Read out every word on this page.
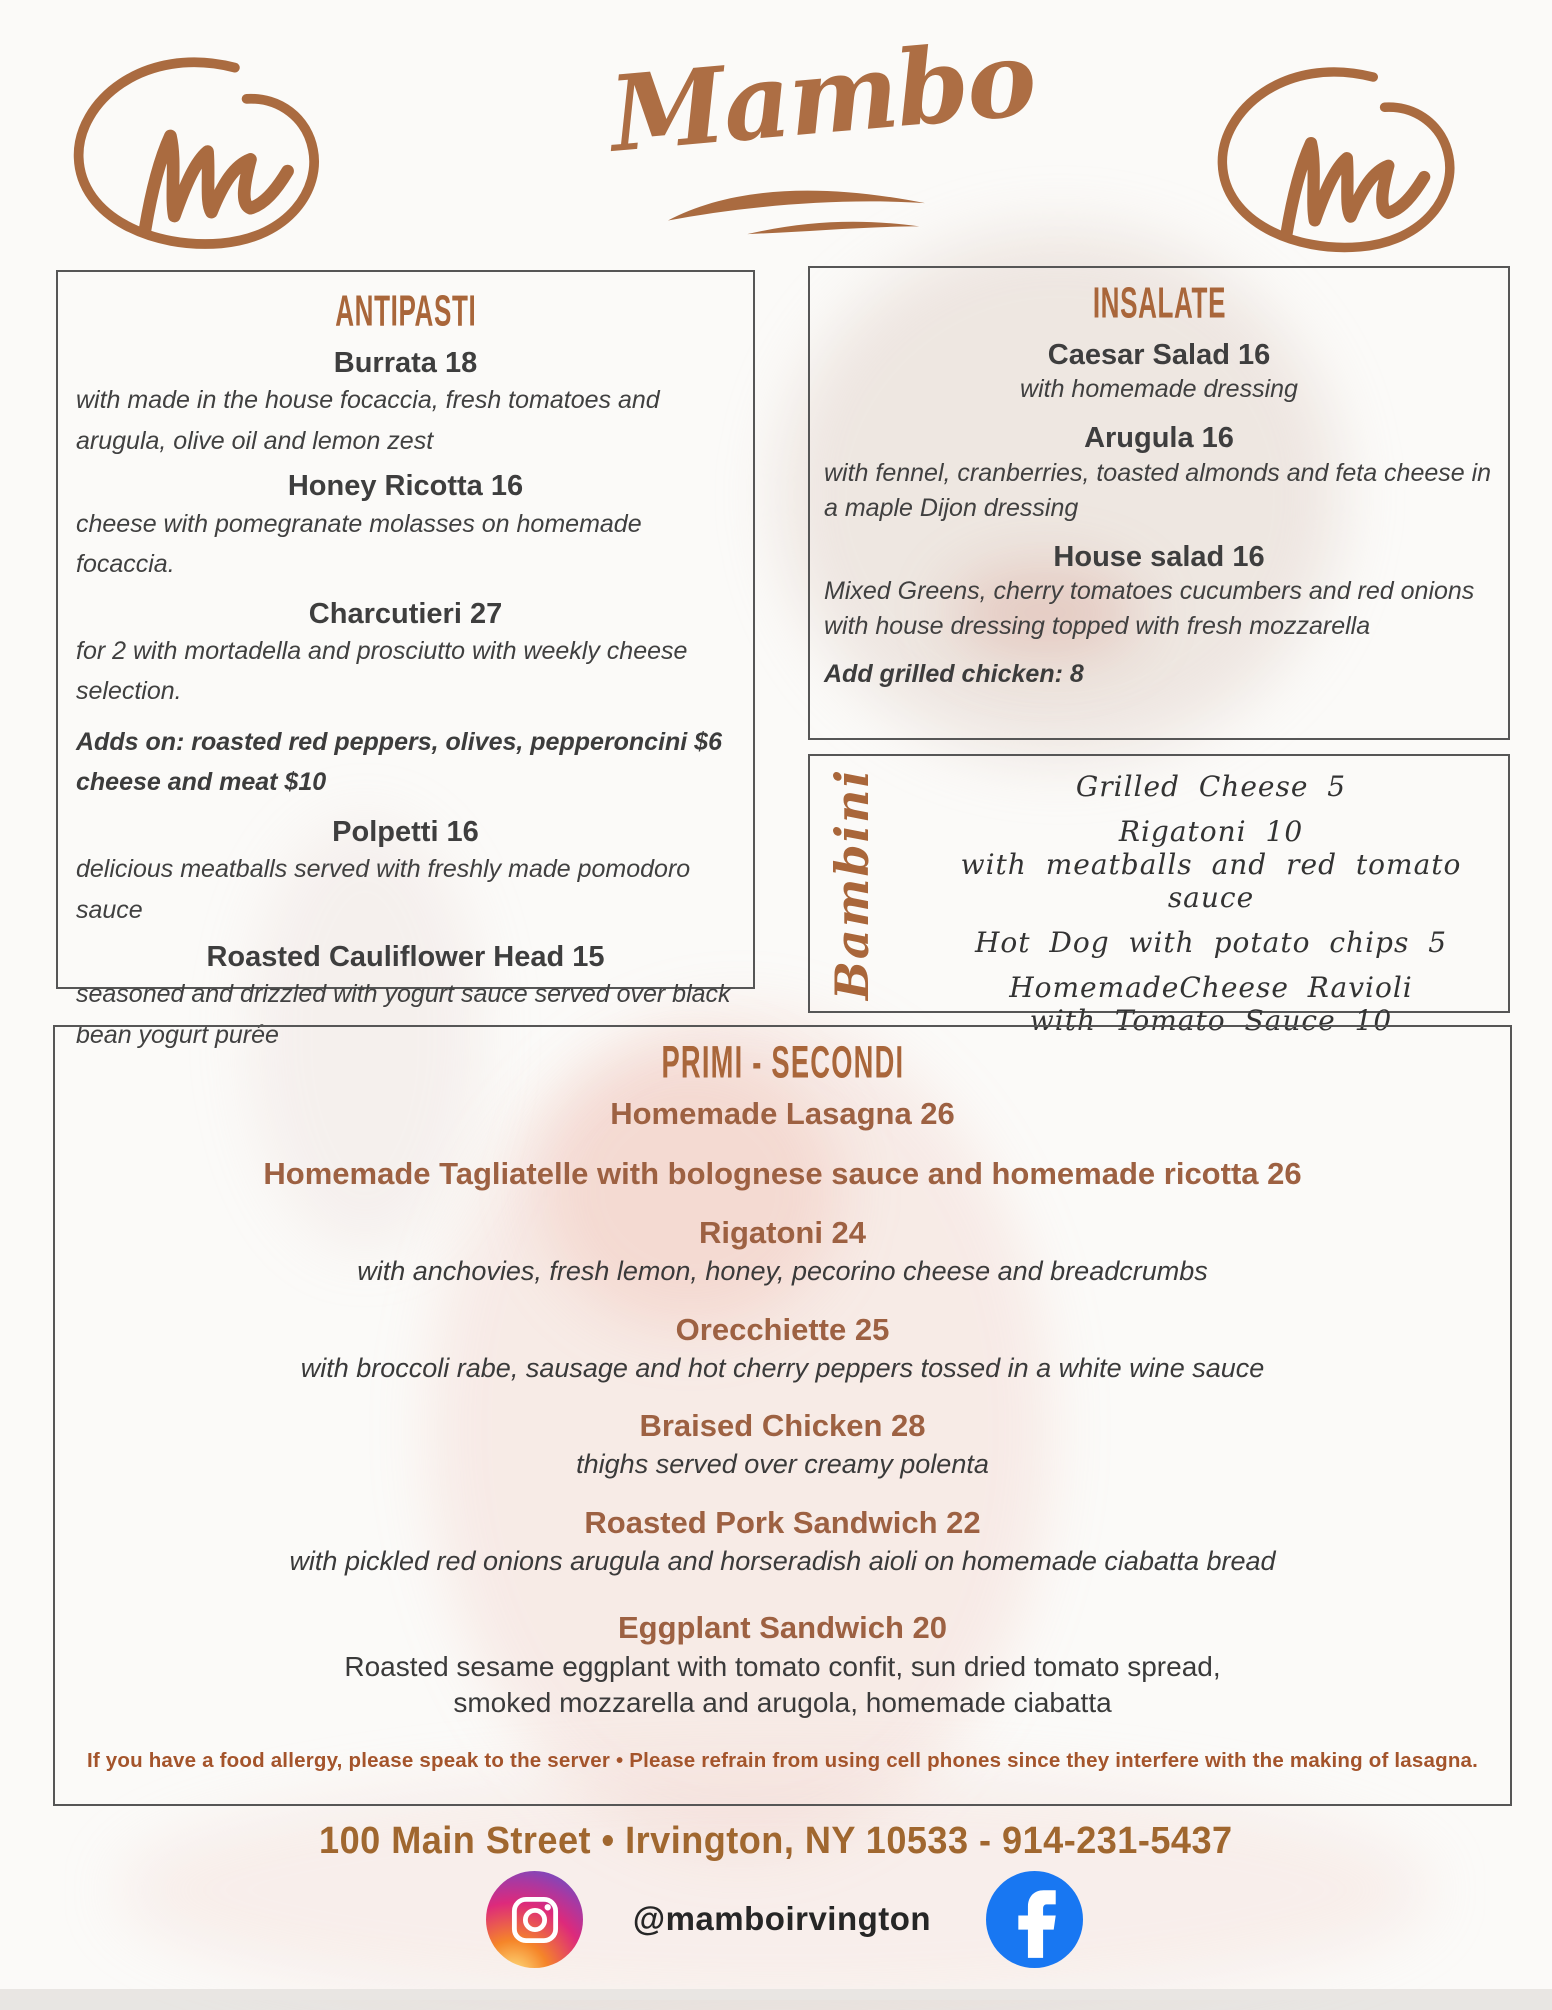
Mambo
ANTIPASTI
Burrata 18
with made in the house focaccia, fresh tomatoes and arugula, olive oil and lemon zest
Honey Ricotta 16
cheese with pomegranate molasses on homemade focaccia.
Charcutieri 27
for 2 with mortadella and prosciutto with weekly cheese selection.
Adds on: roasted red peppers, olives, pepperoncini $6 cheese and meat $10
Polpetti 16
delicious meatballs served with freshly made pomodoro sauce
Roasted Cauliflower Head 15
seasoned and drizzled with yogurt sauce served over black bean yogurt purée
INSALATE
Caesar Salad 16
with homemade dressing
Arugula 16
with fennel, cranberries, toasted almonds and feta cheese in a maple Dijon dressing
House salad 16
Mixed Greens, cherry tomatoes cucumbers and red onions with house dressing topped with fresh mozzarella
Add grilled chicken: 8
Bambini	Grilled Cheese 5
Rigatoni 10
with meatballs and red tomato sauce
Hot Dog with potato chips 5
HomemadeCheese Ravioli
with Tomato Sauce 10
PRIMI - SECONDI
Homemade Lasagna 26
Homemade Tagliatelle with bolognese sauce and homemade ricotta 26
Rigatoni 24
with anchovies, fresh lemon, honey, pecorino cheese and breadcrumbs
Orecchiette 25
with broccoli rabe, sausage and hot cherry peppers tossed in a white wine sauce
Braised Chicken 28
thighs served over creamy polenta
Roasted Pork Sandwich 22
with pickled red onions arugula and horseradish aioli on homemade ciabatta bread
Eggplant Sandwich 20
Roasted sesame eggplant with tomato confit, sun dried tomato spread,
smoked mozzarella and arugola, homemade ciabatta
If you have a food allergy, please speak to the server • Please refrain from using cell phones since they interfere with the making of lasagna.
100 Main Street • Irvington, NY 10533 - 914-231-5437
@mamboirvington
